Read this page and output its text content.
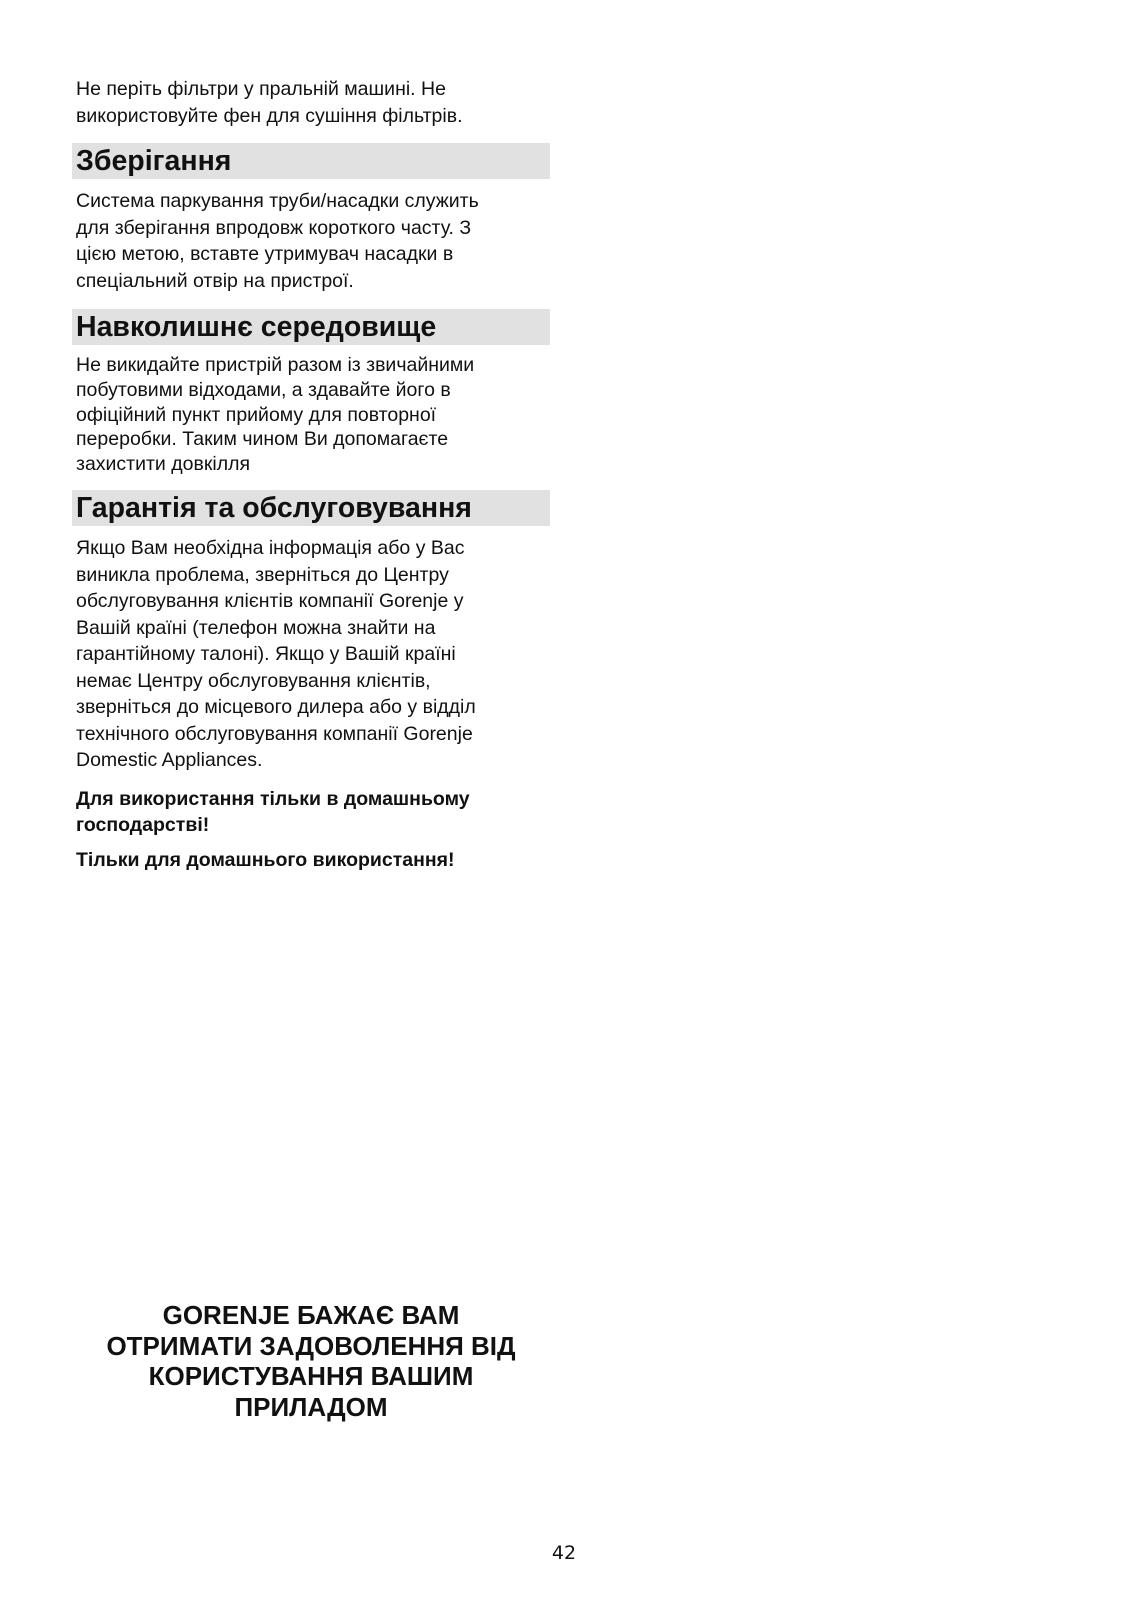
Не періть фільтри у пральній машині. Не
використовуйте фен для сушіння фільтрів.

Зберігання

Система паркування труби/насадки служить
для зберігання впродовж короткого часту. З
цією метою, вставте утримувач насадки в
спеціальний отвір на пристрої.

Навколишнє середовище

Не викидайте пристрій разом із звичайними
побутовими відходами, а здавайте його в
офіційний пункт прийому для повторної
переробки. Таким чином Ви допомагаєте
захистити довкілля

Гарантія та обслуговування

Якщо Вам необхідна інформація або у Вас
виникла проблема, зверніться до Центру
обслуговування клієнтів компанії Gorenje у
Вашій країні (телефон можна знайти на
гарантійному талоні). Якщо у Вашій країні
немає Центру обслуговування клієнтів,
зверніться до місцевого дилера або у відділ
технічного обслуговування компанії Gorenje
Domestic Appliances.

Для використання тільки в домашньому
господарстві!

Тільки для домашнього використання!

GORENJE БАЖАЄ ВАМ
ОТРИМАТИ ЗАДОВОЛЕННЯ ВІД
КОРИСТУВАННЯ ВАШИМ
ПРИЛАДОМ

42
